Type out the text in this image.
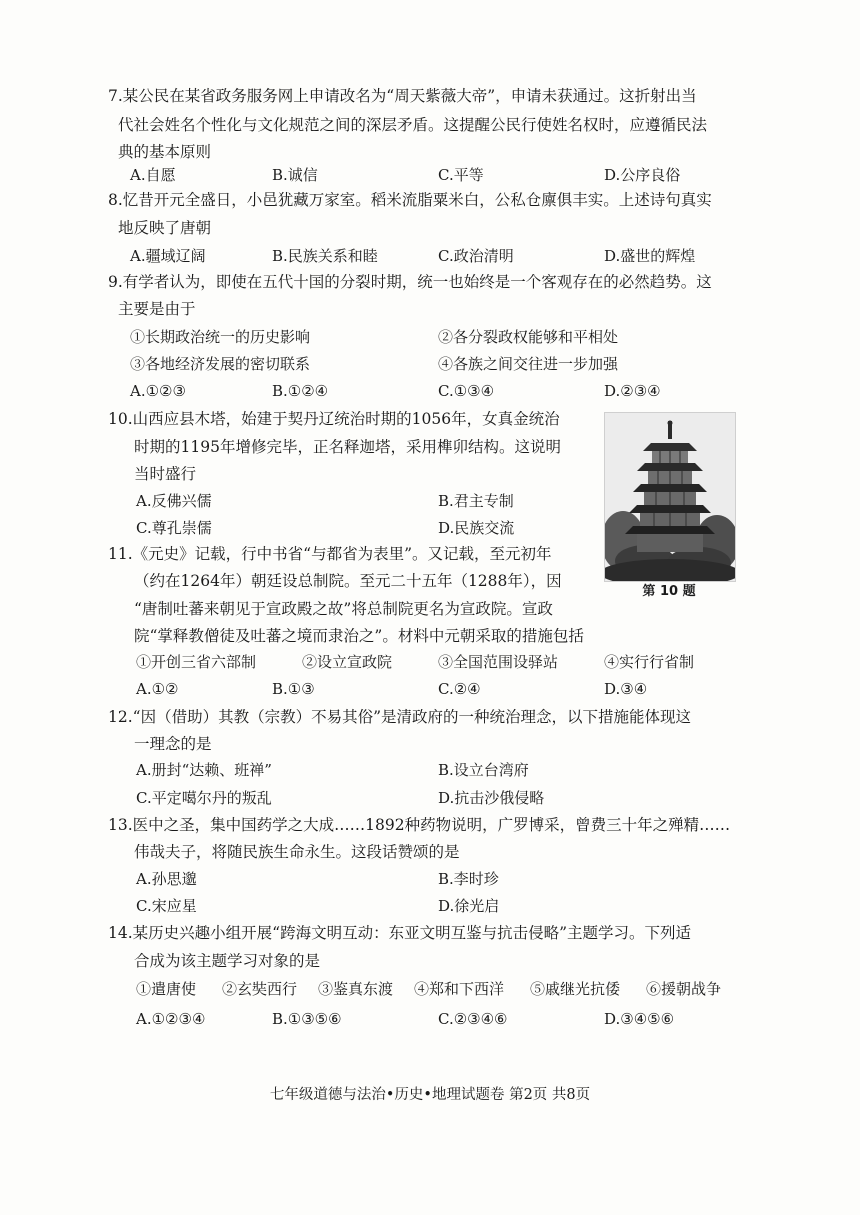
7.某公民在某省政务服务网上申请改名为“周天紫薇大帝”，申请未获通过。这折射出当
代社会姓名个性化与文化规范之间的深层矛盾。这提醒公民行使姓名权时，应遵循民法
典的基本原则
A.自愿	B.诚信	C.平等	D.公序良俗
8.忆昔开元全盛日，小邑犹藏万家室。稻米流脂粟米白，公私仓廪俱丰实。上述诗句真实
地反映了唐朝
A.疆域辽阔	B.民族关系和睦	C.政治清明	D.盛世的辉煌
9.有学者认为，即使在五代十国的分裂时期，统一也始终是一个客观存在的必然趋势。这
主要是由于
①长期政治统一的历史影响	②各分裂政权能够和平相处
③各地经济发展的密切联系	④各族之间交往进一步加强
A.①②③	B.①②④	C.①③④	D.②③④
10.山西应县木塔，始建于契丹辽统治时期的1056年，女真金统治
时期的1195年增修完毕，正名释迦塔，采用榫卯结构。这说明
当时盛行
A.反佛兴儒	B.君主专制
C.尊孔崇儒	D.民族交流
第 10 题
11.《元史》记载，行中书省“与都省为表里”。又记载，至元初年
（约在1264年）朝廷设总制院。至元二十五年（1288年），因
“唐制吐蕃来朝见于宣政殿之故”将总制院更名为宣政院。宣政
院“掌释教僧徒及吐蕃之境而隶治之”。材料中元朝采取的措施包括
①开创三省六部制	②设立宣政院	③全国范围设驿站	④实行行省制
A.①②	B.①③	C.②④	D.③④
12.“因（借助）其教（宗教）不易其俗”是清政府的一种统治理念，以下措施能体现这
一理念的是
A.册封“达赖、班禅”	B.设立台湾府
C.平定噶尔丹的叛乱	D.抗击沙俄侵略
13.医中之圣，集中国药学之大成……1892种药物说明，广罗博采，曾费三十年之殚精……
伟哉夫子，将随民族生命永生。这段话赞颂的是
A.孙思邈	B.李时珍
C.宋应星	D.徐光启
14.某历史兴趣小组开展“跨海文明互动：东亚文明互鉴与抗击侵略”主题学习。下列适
合成为该主题学习对象的是
①遣唐使 ②玄奘西行 ③鉴真东渡 ④郑和下西洋 ⑤戚继光抗倭 ⑥援朝战争
A.①②③④	B.①③⑤⑥	C.②③④⑥	D.③④⑤⑥
七年级道德与法治•历史•地理试题卷 第2页 共8页
